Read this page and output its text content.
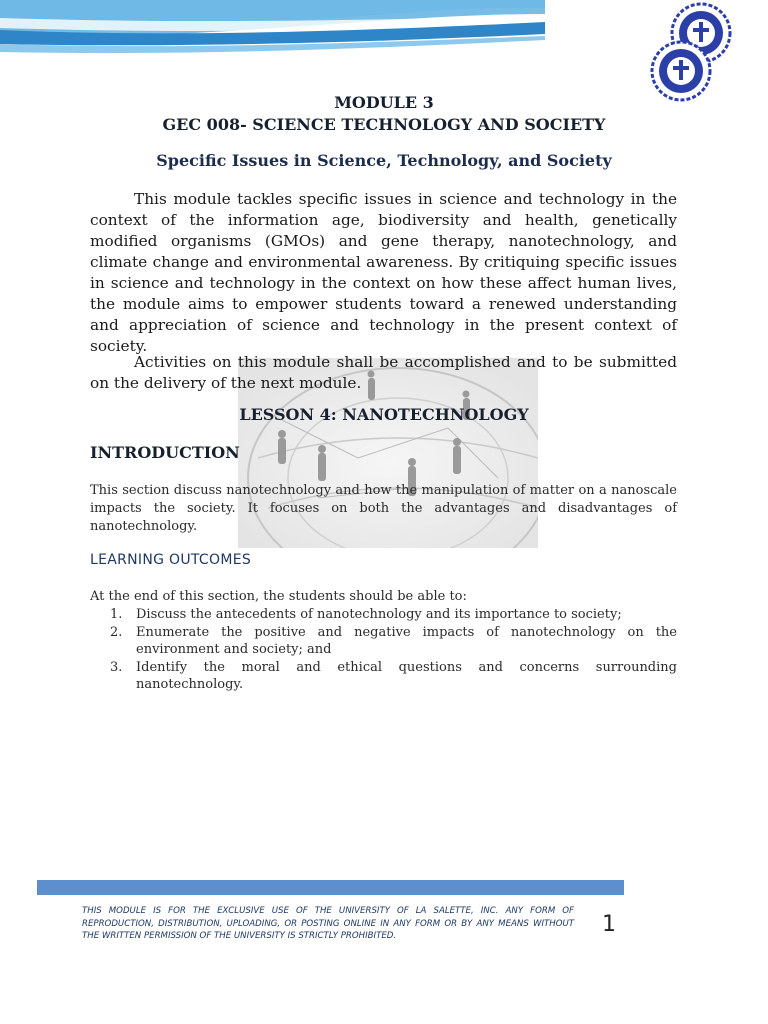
MODULE 3
GEC 008- SCIENCE TECHNOLOGY AND SOCIETY
Specific Issues in Science, Technology, and Society

This module tackles specific issues in science and technology in the context of the information age, biodiversity and health, genetically modified organisms (GMOs) and gene therapy, nanotechnology, and climate change and environmental awareness. By critiquing specific issues in science and technology in the context on how these affect human lives, the module aims to empower students toward a renewed understanding and appreciation of science and technology in the present context of society.

Activities on this module shall be accomplished and to be submitted on the delivery of the next module.

LESSON 4: NANOTECHNOLOGY
INTRODUCTION

This section discuss nanotechnology and how the manipulation of matter on a nanoscale impacts the society. It focuses on both the advantages and disadvantages of nanotechnology.

LEARNING OUTCOMES

At the end of this section, the students should be able to:

1. Discuss the antecedents of nanotechnology and its importance to society;
2. Enumerate the positive and negative impacts of nanotechnology on the environment and society; and
3. Identify the moral and ethical questions and concerns surrounding nanotechnology.

THIS MODULE IS FOR THE EXCLUSIVE USE OF THE UNIVERSITY OF LA SALETTE, INC. ANY FORM OF REPRODUCTION, DISTRIBUTION, UPLOADING, OR POSTING ONLINE IN ANY FORM OR BY ANY MEANS WITHOUT THE WRITTEN PERMISSION OF THE UNIVERSITY IS STRICTLY PROHIBITED.	1
